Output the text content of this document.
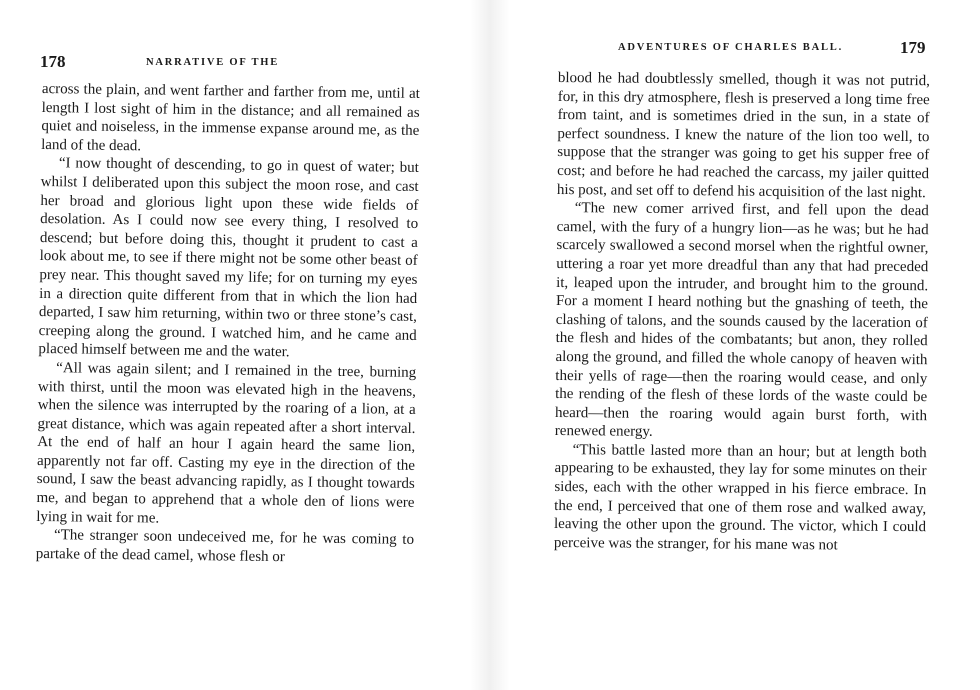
178	NARRATIVE OF THE

across the plain, and went farther and farther from me, until at length I lost sight of him in the distance; and all remained as quiet and noiseless, in the immense expanse around me, as the land of the dead.

“I now thought of descending, to go in quest of water; but whilst I deliberated upon this subject the moon rose, and cast her broad and glorious light upon these wide fields of desolation. As I could now see every thing, I resolved to descend; but before doing this, thought it prudent to cast a look about me, to see if there might not be some other beast of prey near. This thought saved my life; for on turning my eyes in a direction quite different from that in which the lion had departed, I saw him returning, within two or three stone’s cast, creeping along the ground. I watched him, and he came and placed himself between me and the water.

“All was again silent; and I remained in the tree, burning with thirst, until the moon was elevated high in the heavens, when the silence was interrupted by the roaring of a lion, at a great distance, which was again repeated after a short interval. At the end of half an hour I again heard the same lion, apparently not far off. Casting my eye in the direction of the sound, I saw the beast advancing rapidly, as I thought towards me, and began to apprehend that a whole den of lions were lying in wait for me.

“The stranger soon undeceived me, for he was coming to partake of the dead camel, whose flesh or

ADVENTURES OF CHARLES BALL.	179

blood he had doubtlessly smelled, though it was not putrid, for, in this dry atmosphere, flesh is preserved a long time free from taint, and is sometimes dried in the sun, in a state of perfect soundness. I knew the nature of the lion too well, to suppose that the stranger was going to get his supper free of cost; and before he had reached the carcass, my jailer quitted his post, and set off to defend his acquisition of the last night.

“The new comer arrived first, and fell upon the dead camel, with the fury of a hungry lion—as he was; but he had scarcely swallowed a second morsel when the rightful owner, uttering a roar yet more dreadful than any that had preceded it, leaped upon the intruder, and brought him to the ground. For a moment I heard nothing but the gnashing of teeth, the clashing of talons, and the sounds caused by the laceration of the flesh and hides of the combatants; but anon, they rolled along the ground, and filled the whole canopy of heaven with their yells of rage—then the roaring would cease, and only the rending of the flesh of these lords of the waste could be heard—then the roaring would again burst forth, with renewed energy.

“This battle lasted more than an hour; but at length both appearing to be exhausted, they lay for some minutes on their sides, each with the other wrapped in his fierce embrace. In the end, I perceived that one of them rose and walked away, leaving the other upon the ground. The victor, which I could perceive was the stranger, for his mane was not
